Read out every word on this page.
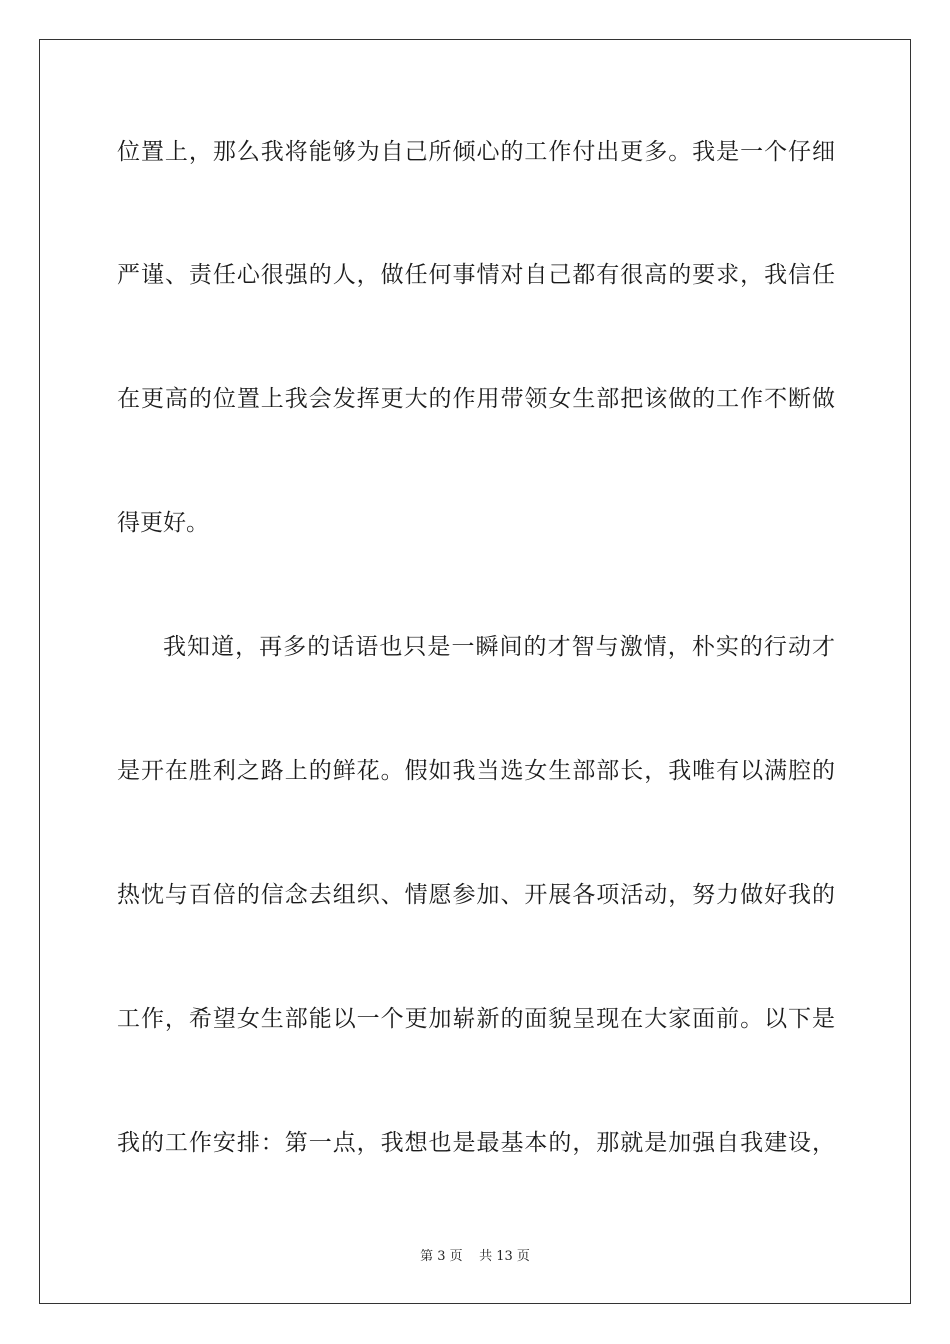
位置上，那么我将能够为自己所倾心的工作付出更多。我是一个仔细
严谨、责任心很强的人，做任何事情对自己都有很高的要求，我信任
在更高的位置上我会发挥更大的作用带领女生部把该做的工作不断做
得更好。
我知道，再多的话语也只是一瞬间的才智与激情，朴实的行动才
是开在胜利之路上的鲜花。假如我当选女生部部长，我唯有以满腔的
热忱与百倍的信念去组织、情愿参加、开展各项活动，努力做好我的
工作，希望女生部能以一个更加崭新的面貌呈现在大家面前。以下是
我的工作安排：第一点，我想也是最基本的，那就是加强自我建设，
第 3 页    共 13 页
